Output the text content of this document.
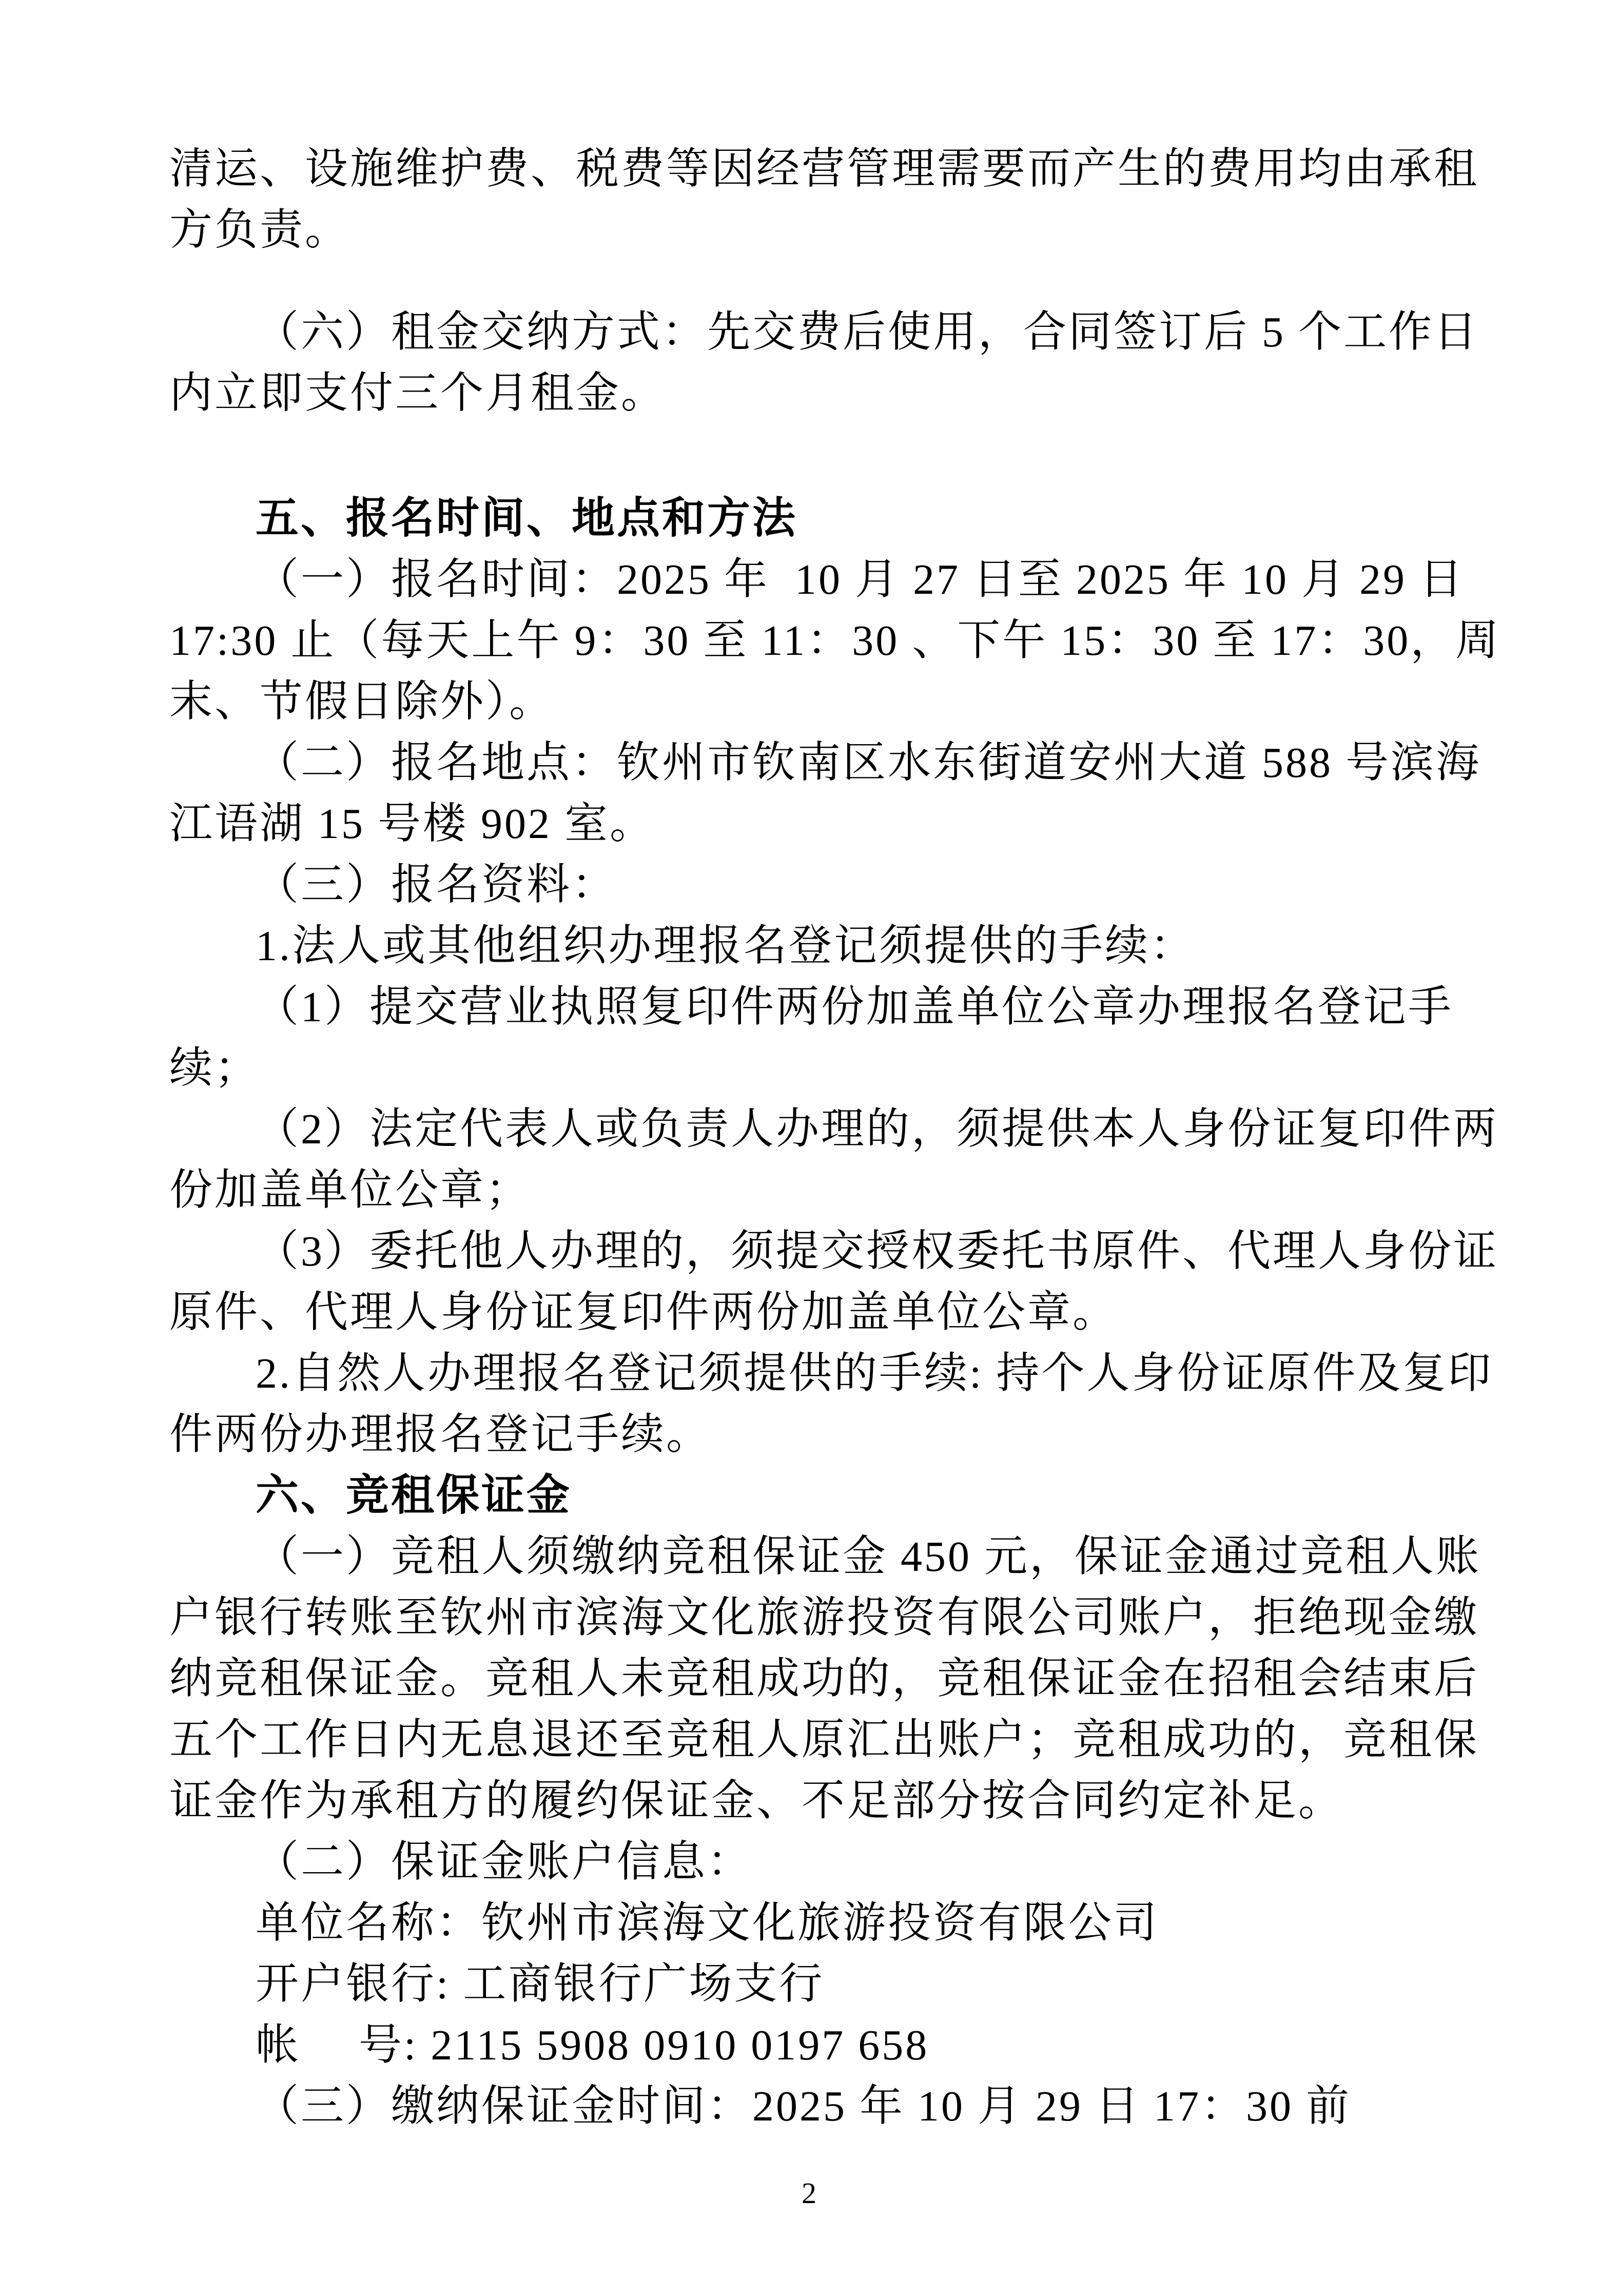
清运、设施维护费、税费等因经营管理需要而产生的费用均由承租
方负责。
（六）租金交纳方式：先交费后使用，合同签订后 5 个工作日
内立即支付三个月租金。
五、报名时间、地点和方法
（一）报名时间：2025 年  10 月 27 日至 2025 年 10 月 29 日
17:30 止（每天上午 9：30 至 11：30 、下午 15：30 至 17：30，周
末、节假日除外）。
（二）报名地点：钦州市钦南区水东街道安州大道 588 号滨海
江语湖 15 号楼 902 室。
（三）报名资料：
1.法人或其他组织办理报名登记须提供的手续：
（1）提交营业执照复印件两份加盖单位公章办理报名登记手
续；
（2）法定代表人或负责人办理的，须提供本人身份证复印件两
份加盖单位公章；
（3）委托他人办理的，须提交授权委托书原件、代理人身份证
原件、代理人身份证复印件两份加盖单位公章。
2.自然人办理报名登记须提供的手续: 持个人身份证原件及复印
件两份办理报名登记手续。
六、竞租保证金
（一）竞租人须缴纳竞租保证金 450 元，保证金通过竞租人账
户银行转账至钦州市滨海文化旅游投资有限公司账户，拒绝现金缴
纳竞租保证金。竞租人未竞租成功的，竞租保证金在招租会结束后
五个工作日内无息退还至竞租人原汇出账户；竞租成功的，竞租保
证金作为承租方的履约保证金、不足部分按合同约定补足。
（二）保证金账户信息：
单位名称：钦州市滨海文化旅游投资有限公司
开户银行: 工商银行广场支行
帐　 号: 2115 5908 0910 0197 658
（三）缴纳保证金时间：2025 年 10 月 29 日 17：30 前
2
